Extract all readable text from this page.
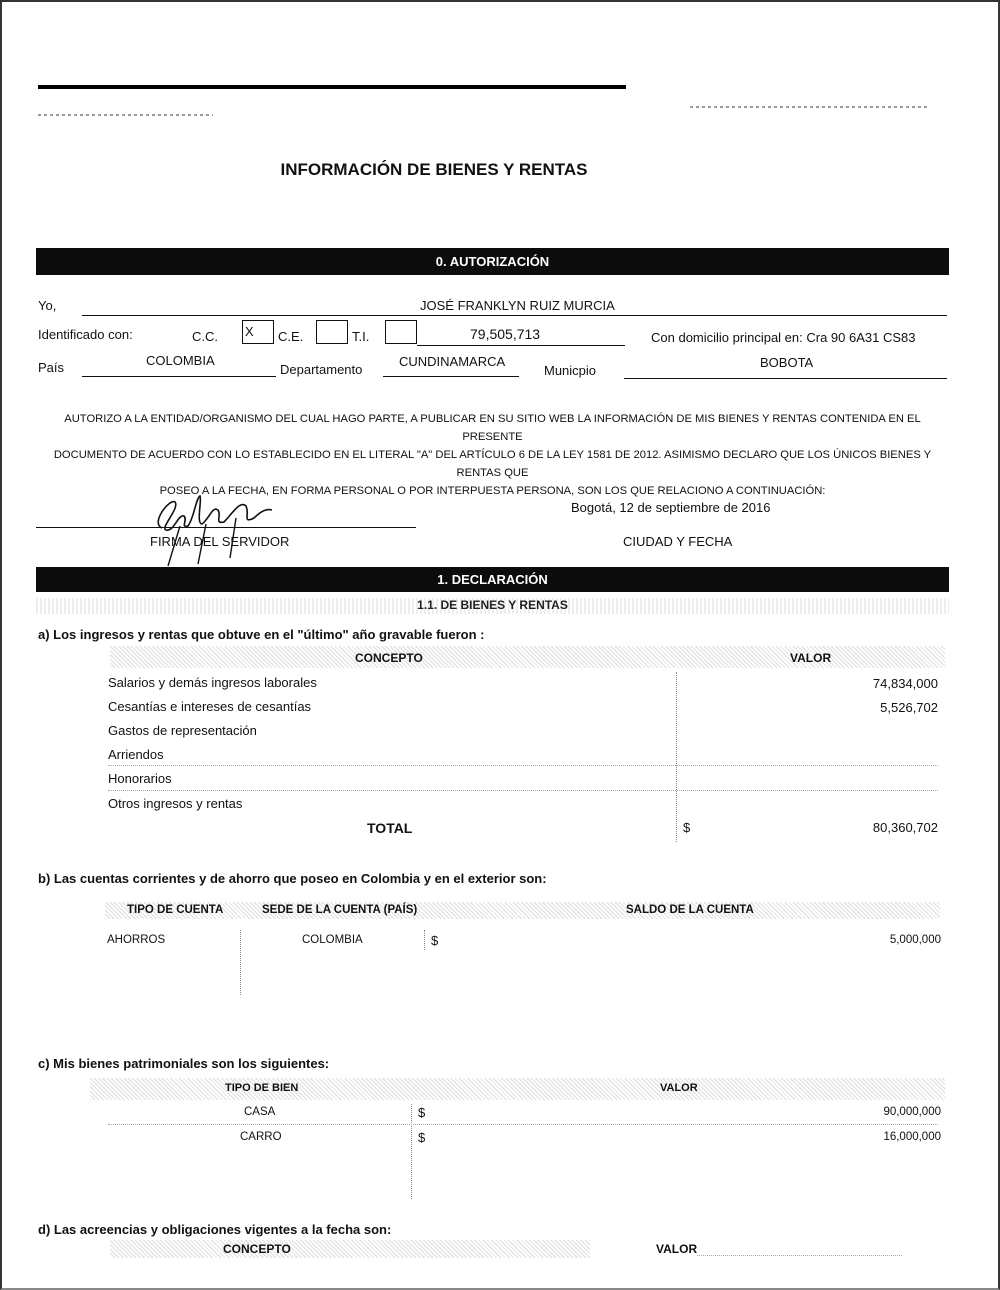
INFORMACIÓN DE BIENES Y RENTAS
0. AUTORIZACIÓN
Yo,	JOSÉ FRANKLYN RUIZ MURCIA
Identificado con:	C.C. X	C.E.	T.I.	79,505,713	Con domicilio principal en: Cra 90 6A31 CS83
País	COLOMBIA
Departamento
CUNDINAMARCA
Municpio
BOBOTA
AUTORIZO A LA ENTIDAD/ORGANISMO DEL CUAL HAGO PARTE, A PUBLICAR EN SU SITIO WEB LA INFORMACIÓN DE MIS BIENES Y RENTAS CONTENIDA EN EL PRESENTE
DOCUMENTO DE ACUERDO CON LO ESTABLECIDO EN EL LITERAL "A" DEL ARTÍCULO 6 DE LA LEY 1581 DE 2012. ASIMISMO DECLARO QUE LOS ÚNICOS BIENES Y RENTAS QUE
POSEO A LA FECHA, EN FORMA PERSONAL O POR INTERPUESTA PERSONA, SON LOS QUE RELACIONO A CONTINUACIÓN:
FIRMA DEL SERVIDOR
Bogotá, 12 de septiembre de 2016
CIUDAD Y FECHA
1. DECLARACIÓN
1.1. DE BIENES Y RENTAS
a) Los ingresos y rentas que obtuve en el "último" año gravable fueron :
CONCEPTO	VALOR
Salarios y demás ingresos laborales	74,834,000
Cesantías e intereses de cesantías	5,526,702
Gastos de representación
Arriendos
Honorarios
Otros ingresos y rentas
TOTAL	$	80,360,702
b) Las cuentas corrientes y de ahorro que poseo en Colombia y en el exterior son:
TIPO DE CUENTA	SEDE DE LA CUENTA (PAÍS)	SALDO DE LA CUENTA
AHORROS	COLOMBIA	$	5,000,000
c) Mis bienes patrimoniales son los siguientes:
TIPO DE BIEN	VALOR
CASA	$	90,000,000
CARRO	$	16,000,000
d) Las acreencias y obligaciones vigentes a la fecha son:
CONCEPTO	VALOR
